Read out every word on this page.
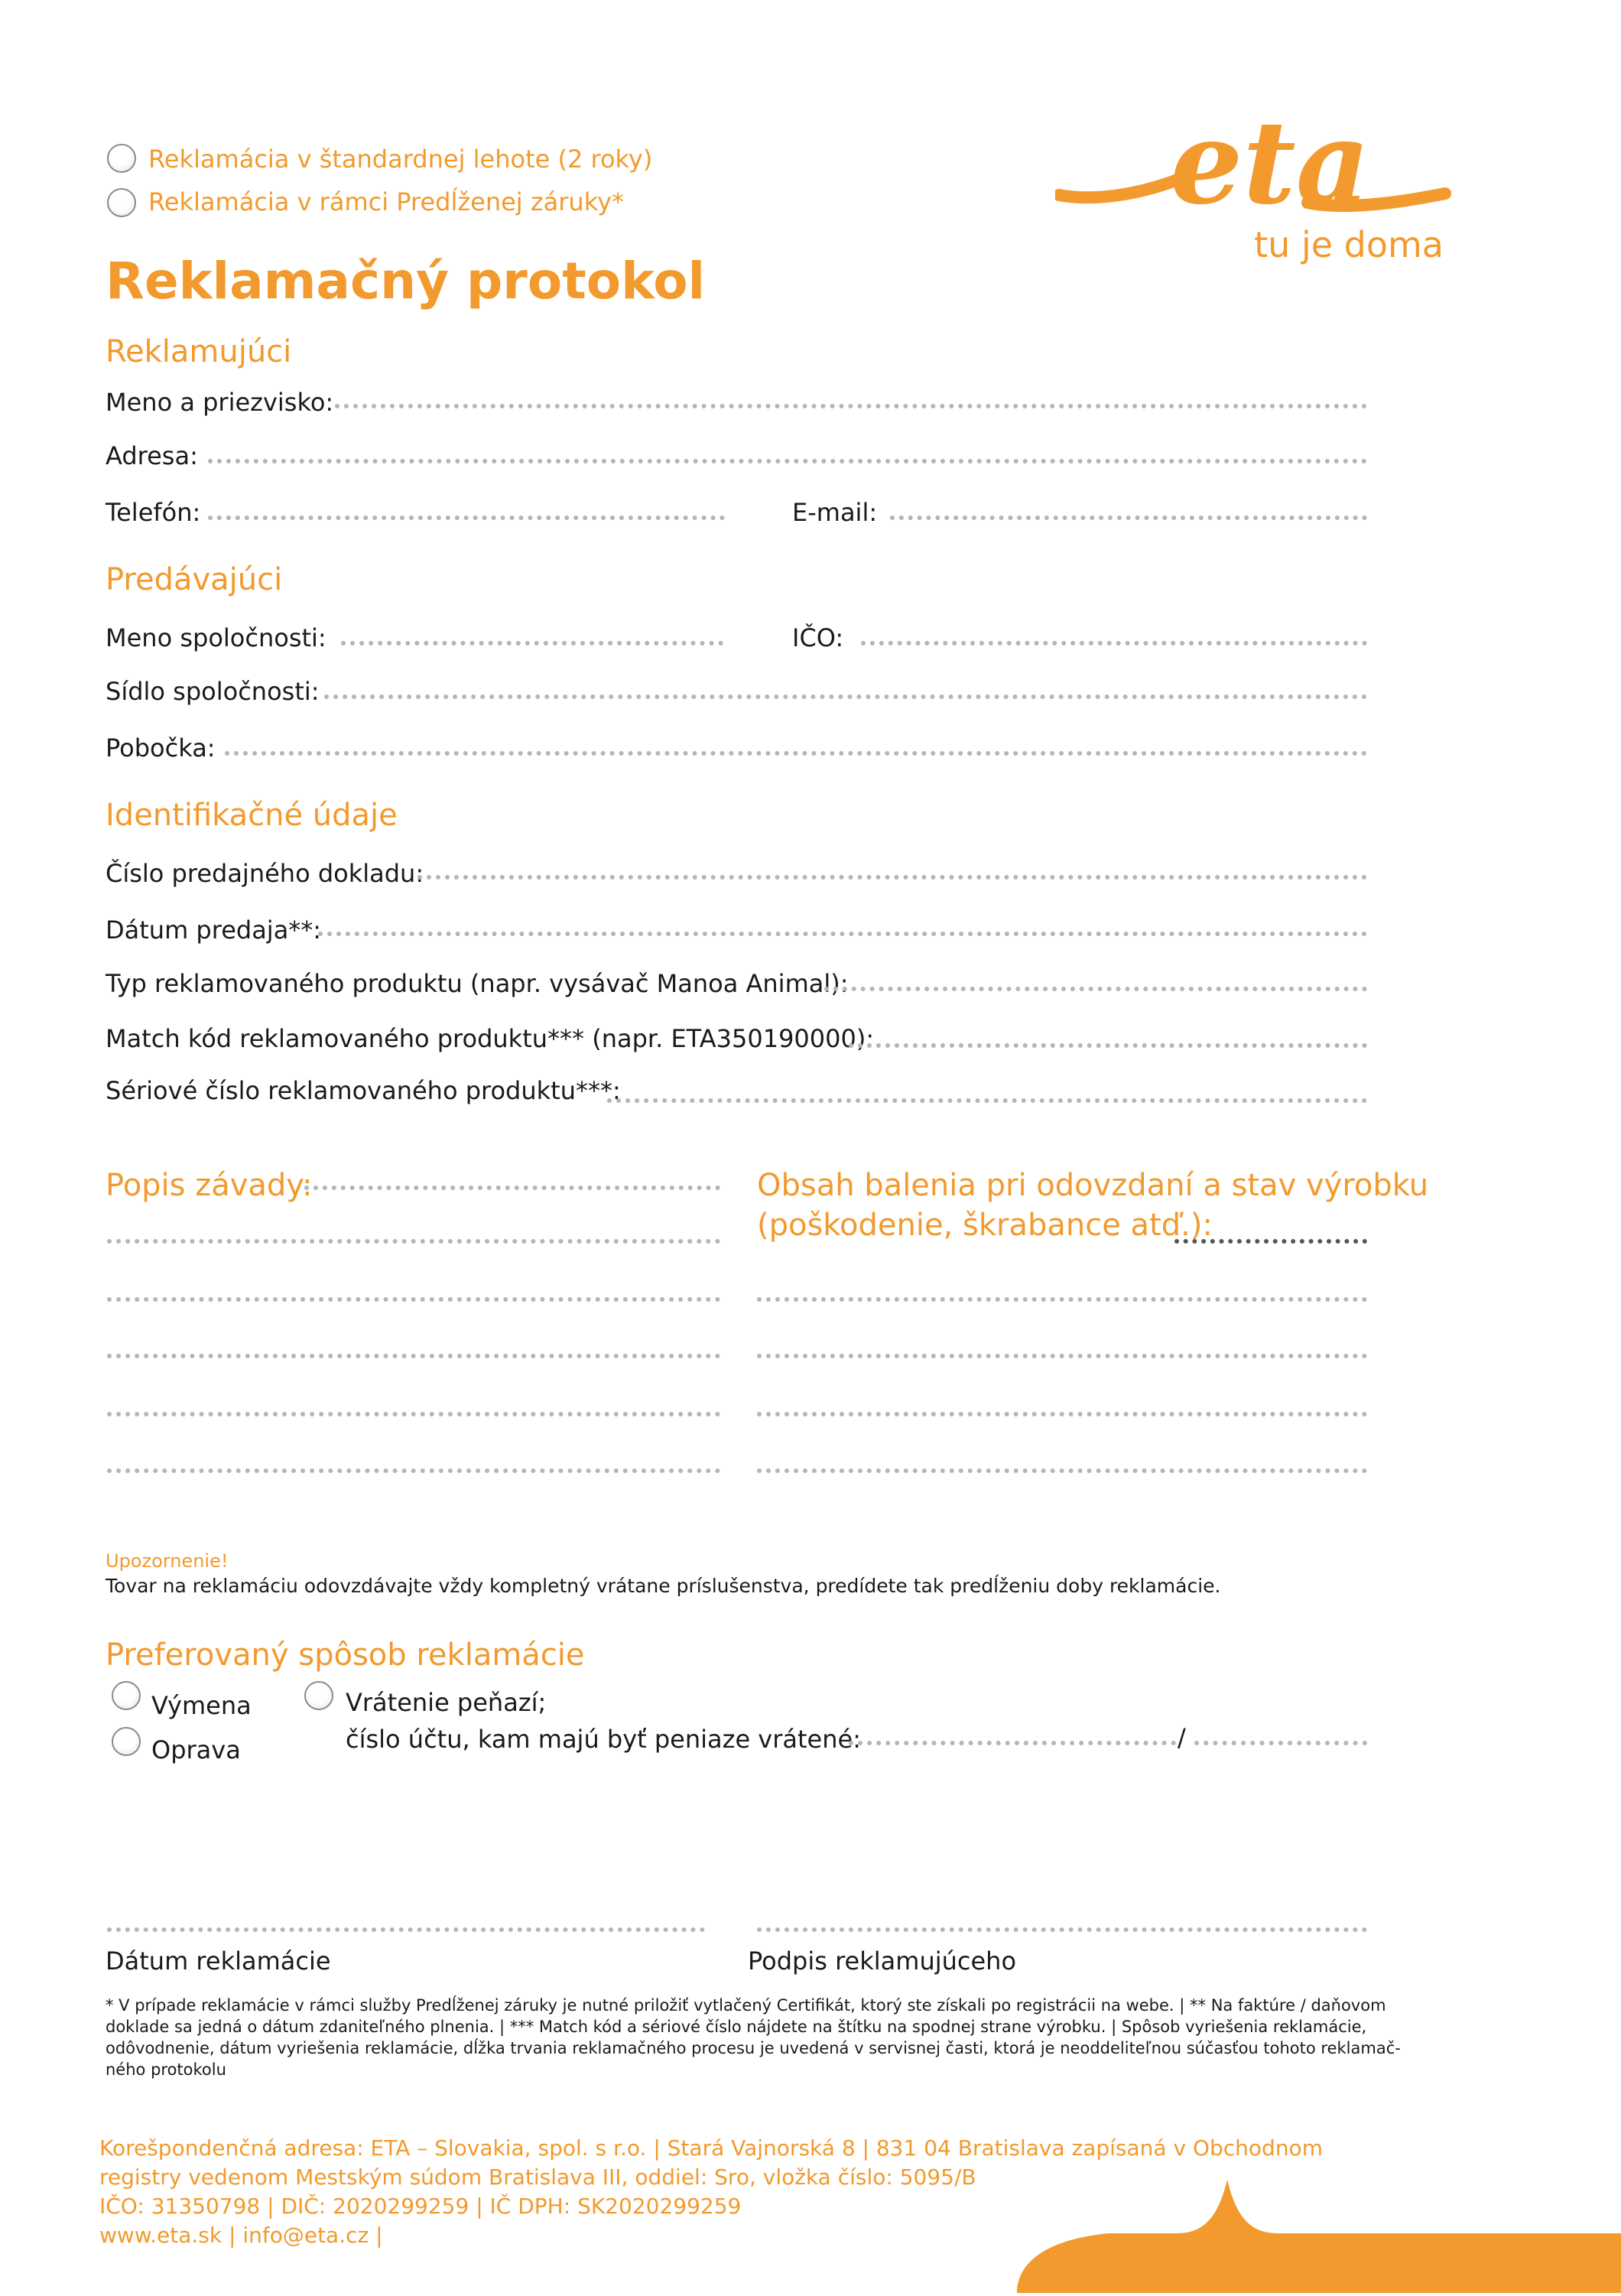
Reklamácia v štandardnej lehote (2 roky)
Reklamácia v rámci Predĺženej záruky*	eta
tu je doma
Reklamačný protokol
Reklamujúci
Meno a priezvisko:
Adresa:
Telefón:	E-mail:
Predávajúci
Meno spoločnosti:	IČO:
Sídlo spoločnosti:
Pobočka:
Identifikačné údaje
Číslo predajného dokladu:
Dátum predaja**:
Typ reklamovaného produktu (napr. vysávač Manoa Animal):
Match kód reklamovaného produktu*** (napr. ETA350190000):
Sériové číslo reklamovaného produktu***:
Popis závady:	Obsah balenia pri odovzdaní a stav výrobku
(poškodenie, škrabance atď.):
Upozornenie!
Tovar na reklamáciu odovzdávajte vždy kompletný vrátane príslušenstva, predídete tak predĺženiu doby reklamácie.
Preferovaný spôsob reklamácie
Výmena
Oprava
Vrátenie peňazí;
číslo účtu, kam majú byť peniaze vrátené:	/
Dátum reklamácie	Podpis reklamujúceho
* V prípade reklamácie v rámci služby Predĺženej záruky je nutné priložiť vytlačený Certifikát, ktorý ste získali po registrácii na webe. | ** Na faktúre / daňovom
doklade sa jedná o dátum zdaniteľného plnenia. | *** Match kód a sériové číslo nájdete na štítku na spodnej strane výrobku. | Spôsob vyriešenia reklamácie,
odôvodnenie, dátum vyriešenia reklamácie, dĺžka trvania reklamačného procesu je uvedená v servisnej časti, ktorá je neoddeliteľnou súčasťou tohoto reklamač-
ného protokolu
Korešpondenčná adresa: ETA – Slovakia, spol. s r.o. | Stará Vajnorská 8 | 831 04 Bratislava zapísaná v Obchodnom
registry vedenom Mestským súdom Bratislava III, oddiel: Sro, vložka číslo: 5095/B
IČO: 31350798 | DIČ: 2020299259 | IČ DPH: SK2020299259
www.eta.sk | info@eta.cz |
